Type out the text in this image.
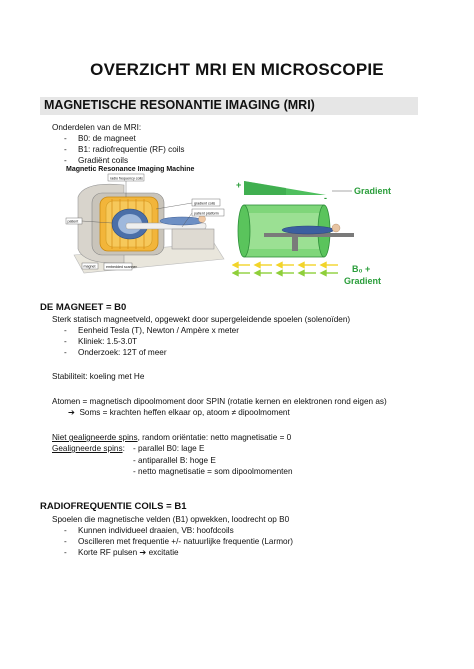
OVERZICHT MRI EN MICROSCOPIE
MAGNETISCHE RESONANTIE IMAGING (MRI)
Onderdelen van de MRI:
- B0: de magneet
- B1: radiofrequentie (RF) coils
- Gradiënt coils
Magnetic Resonance Imaging Machine
radio frequency coils
patient
gradient coils
patient platform
magnet	embedded scanner
+
-
Gradient
B₀ +
Gradient
DE MAGNEET = B0
Sterk statisch magneetveld, opgewekt door supergeleidende spoelen (solenoïden)
- Eenheid Tesla (T), Newton / Ampère x meter
- Kliniek: 1.5-3.0T
- Onderzoek: 12T of meer
Stabiliteit: koeling met He
Atomen = magnetisch dipoolmoment door SPIN (rotatie kernen en elektronen rond eigen as)
➔ Soms = krachten heffen elkaar op, atoom ≠ dipoolmoment
Niet gealigneerde spins, random oriëntatie: netto magnetisatie = 0
Gealigneerde spins: - parallel B0: lage E
- antiparallel B: hoge E
- netto magnetisatie = som dipoolmomenten
RADIOFREQUENTIE COILS = B1
Spoelen die magnetische velden (B1) opwekken, loodrecht op B0
- Kunnen individueel draaien, VB: hoofdcoils
- Oscilleren met frequentie +/- natuurlijke frequentie (Larmor)
- Korte RF pulsen ➔ excitatie
